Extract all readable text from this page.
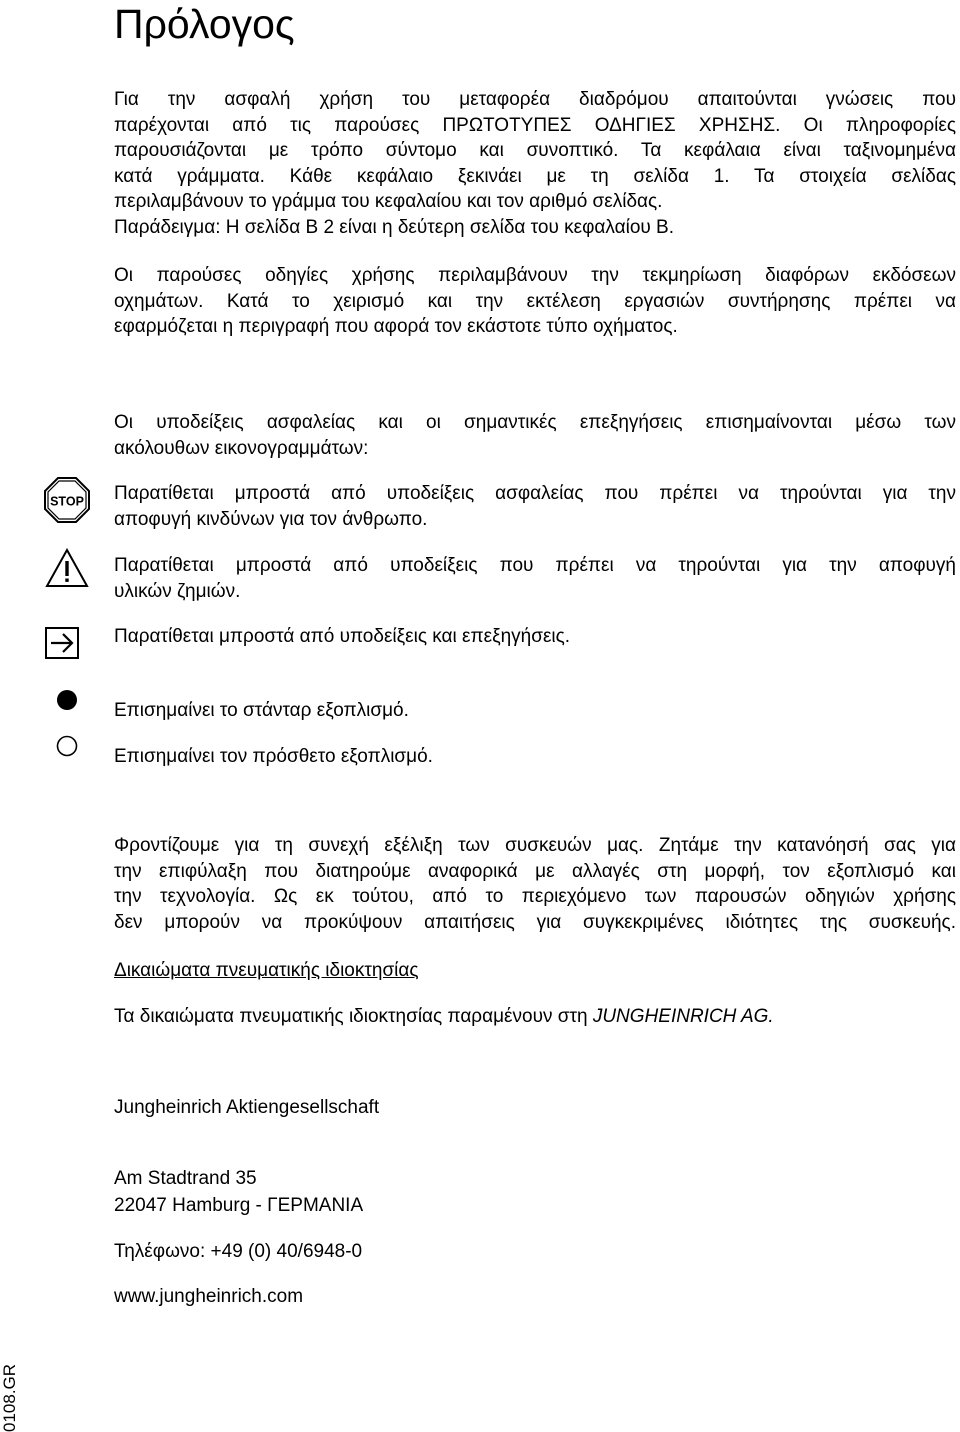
Πρόλογος
Για την ασφαλή χρήση του μεταφορέα διαδρόμου απαιτούνται γνώσεις που
παρέχονται από τις παρούσες ΠΡΩΤΟΤΥΠΕΣ ΟΔΗΓΙΕΣ ΧΡΗΣΗΣ. Οι πληροφορίες
παρουσιάζονται με τρόπο σύντομο και συνοπτικό. Τα κεφάλαια είναι ταξινομημένα
κατά γράμματα. Κάθε κεφάλαιο ξεκινάει με τη σελίδα 1. Τα στοιχεία σελίδας
περιλαμβάνουν το γράμμα του κεφαλαίου και τον αριθμό σελίδας.
Παράδειγμα: Η σελίδα B 2 είναι η δεύτερη σελίδα του κεφαλαίου B.
Οι παρούσες οδηγίες χρήσης περιλαμβάνουν την τεκμηρίωση διαφόρων εκδόσεων
οχημάτων. Κατά το χειρισμό και την εκτέλεση εργασιών συντήρησης πρέπει να
εφαρμόζεται η περιγραφή που αφορά τον εκάστοτε τύπο οχήματος.
Οι υποδείξεις ασφαλείας και οι σημαντικές επεξηγήσεις επισημαίνονται μέσω των
ακόλουθων εικονογραμμάτων:
STOP Παρατίθεται μπροστά από υποδείξεις ασφαλείας που πρέπει να τηρούνται για την
αποφυγή κινδύνων για τον άνθρωπο.
Παρατίθεται μπροστά από υποδείξεις που πρέπει να τηρούνται για την αποφυγή
υλικών ζημιών.
Παρατίθεται μπροστά από υποδείξεις και επεξηγήσεις.
Επισημαίνει το στάνταρ εξοπλισμό.
Επισημαίνει τον πρόσθετο εξοπλισμό.
Φροντίζουμε για τη συνεχή εξέλιξη των συσκευών μας. Ζητάμε την κατανόησή σας για
την επιφύλαξη που διατηρούμε αναφορικά με αλλαγές στη μορφή, τον εξοπλισμό και
την τεχνολογία. Ως εκ τούτου, από το περιεχόμενο των παρουσών οδηγιών χρήσης
δεν μπορούν να προκύψουν απαιτήσεις για συγκεκριμένες ιδιότητες της συσκευής.
Δικαιώματα πνευματικής ιδιοκτησίας
Τα δικαιώματα πνευματικής ιδιοκτησίας παραμένουν στη JUNGHEINRICH AG.
Jungheinrich Aktiengesellschaft
Am Stadtrand 35
22047 Hamburg - ΓΕΡΜΑΝΙΑ
Τηλέφωνο: +49 (0) 40/6948-0
www.jungheinrich.com
0108.GR
